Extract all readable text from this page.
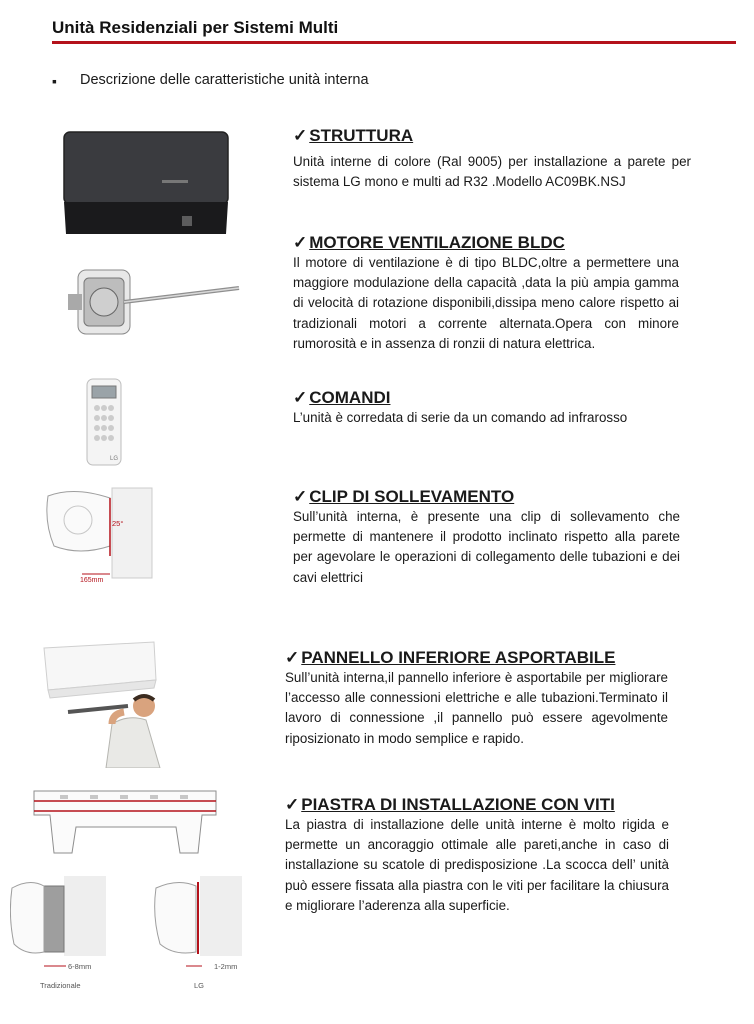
Unità Residenziali per Sistemi Multi
▪ Descrizione delle caratteristiche unità interna
✓ STRUTTURA
Unità interne di colore (Ral 9005) per installazione a parete per sistema LG mono e multi ad R32 .Modello AC09BK.NSJ
✓ MOTORE VENTILAZIONE BLDC
Il motore di ventilazione è di tipo BLDC,oltre a permettere una maggiore modulazione della capacità ,data la più ampia gamma di velocità di rotazione disponibili,dissipa meno calore rispetto ai tradizionali motori a corrente alternata.Opera con minore rumorosità e in assenza di ronzii di natura elettrica.
✓ COMANDI
L’unità è corredata di serie da un comando ad infrarosso
✓ CLIP DI SOLLEVAMENTO
Sull’unità interna, è presente una clip di sollevamento che permette di mantenere il prodotto inclinato rispetto alla parete per agevolare le operazioni di collegamento delle tubazioni e dei cavi elettrici
✓ PANNELLO INFERIORE ASPORTABILE
Sull’unità interna,il pannello inferiore è asportabile per migliorare l’accesso alle connessioni elettriche e alle tubazioni.Terminato il lavoro di connessione ,il pannello può essere agevolmente riposizionato in modo semplice e rapido.
✓ PIASTRA DI INSTALLAZIONE CON VITI
La piastra di installazione delle unità interne è molto rigida e permette un ancoraggio ottimale alle pareti,anche in caso di installazione su scatole di predisposizione .La scocca dell’ unità può essere fissata alla piastra con le viti per facilitare la chiusura e migliorare l’aderenza alla superficie.
LG
25°
165mm
6-8mm	1-2mm
Tradizionale	LG
